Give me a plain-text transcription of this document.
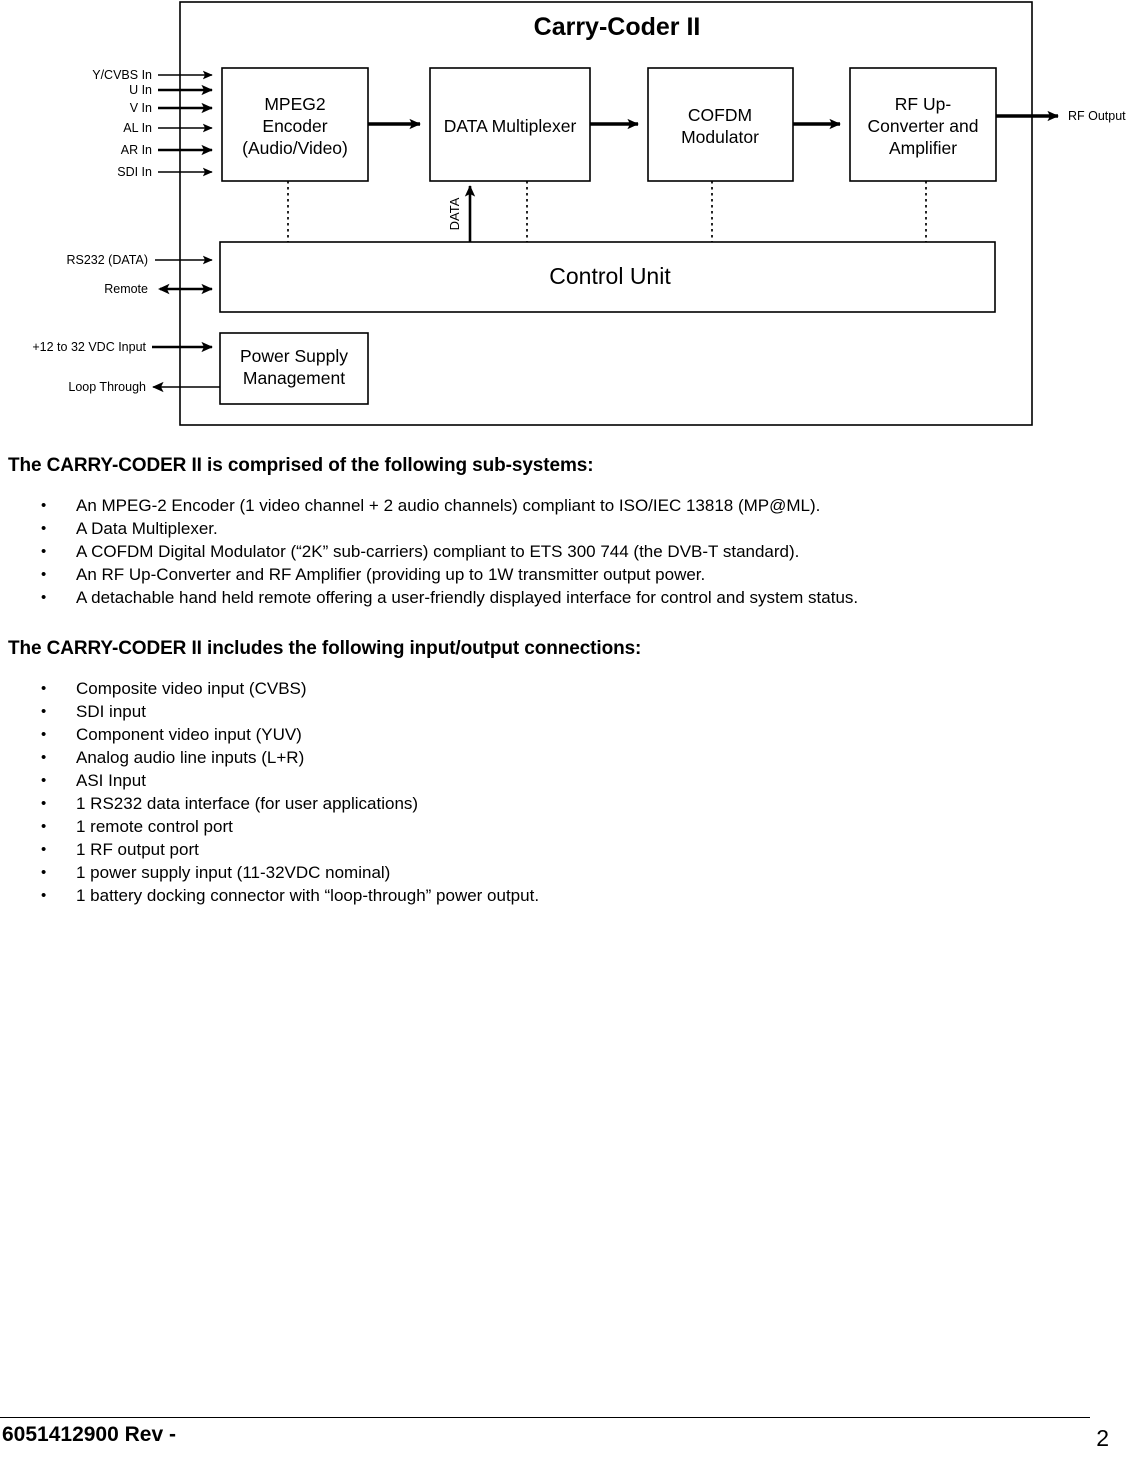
Carry-Coder II
MPEG2
Encoder
(Audio/Video)
DATA Multiplexer
COFDM
Modulator
RF Up-
Converter and
Amplifier
Control Unit
Power Supply
Management
RF Output
DATA
Y/CVBS In
U In
V In
AL In
AR In
SDI In
RS232 (DATA)
Remote
+12 to 32 VDC Input
Loop Through

The CARRY-CODER II is comprised of the following sub-systems:

• An MPEG-2 Encoder (1 video channel + 2 audio channels) compliant to ISO/IEC 13818 (MP@ML).
• A Data Multiplexer.
• A COFDM Digital Modulator (“2K” sub-carriers) compliant to ETS 300 744 (the DVB-T standard).
• An RF Up-Converter and RF Amplifier (providing up to 1W transmitter output power.
• A detachable hand held remote offering a user-friendly displayed interface for control and system status.

The CARRY-CODER II includes the following input/output connections:

• Composite video input (CVBS)
• SDI input
• Component video input (YUV)
• Analog audio line inputs (L+R)
• ASI Input
• 1 RS232 data interface (for user applications)
• 1 remote control port
• 1 RF output port
• 1 power supply input (11-32VDC nominal)
• 1 battery docking connector with “loop-through” power output.
6051412900 Rev -	2
